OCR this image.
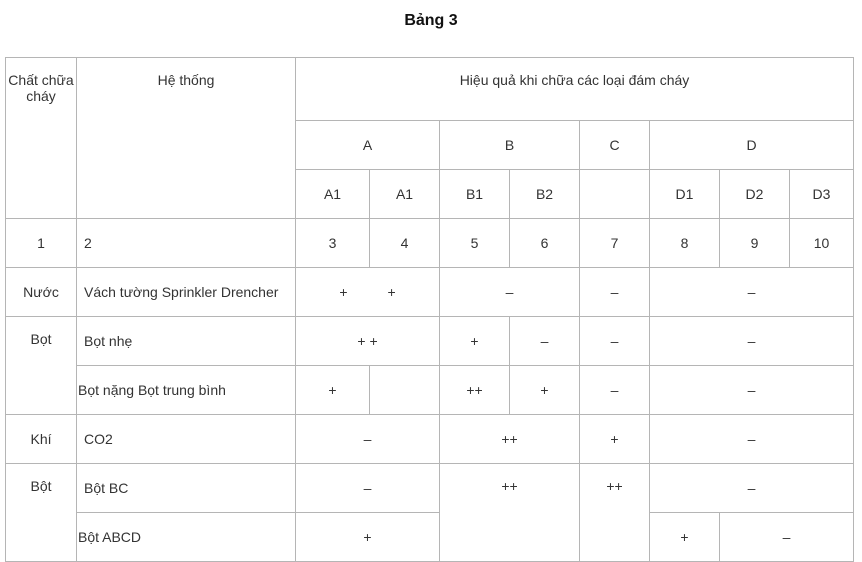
Bảng 3
Chất chữa cháy	Hệ thống	Hiệu quả khi chữa các loại đám cháy							
		A		B		C	D		
		A1	A1	B1	B2		D1	D2	D3
1	2	3	4	5	6	7	8	9	10
Nước	Vách tường Sprinkler Drencher	+ +		–		–	–		
Bọt	Bọt nhẹ	+ +		+	–	–	–		
	Bọt nặng Bọt trung bình	+		++	+	–	–		
Khí	CO2	–		++		+	–		
Bột	Bột BC	–		++		++	–		
	Bột ABCD	+					+	–	
